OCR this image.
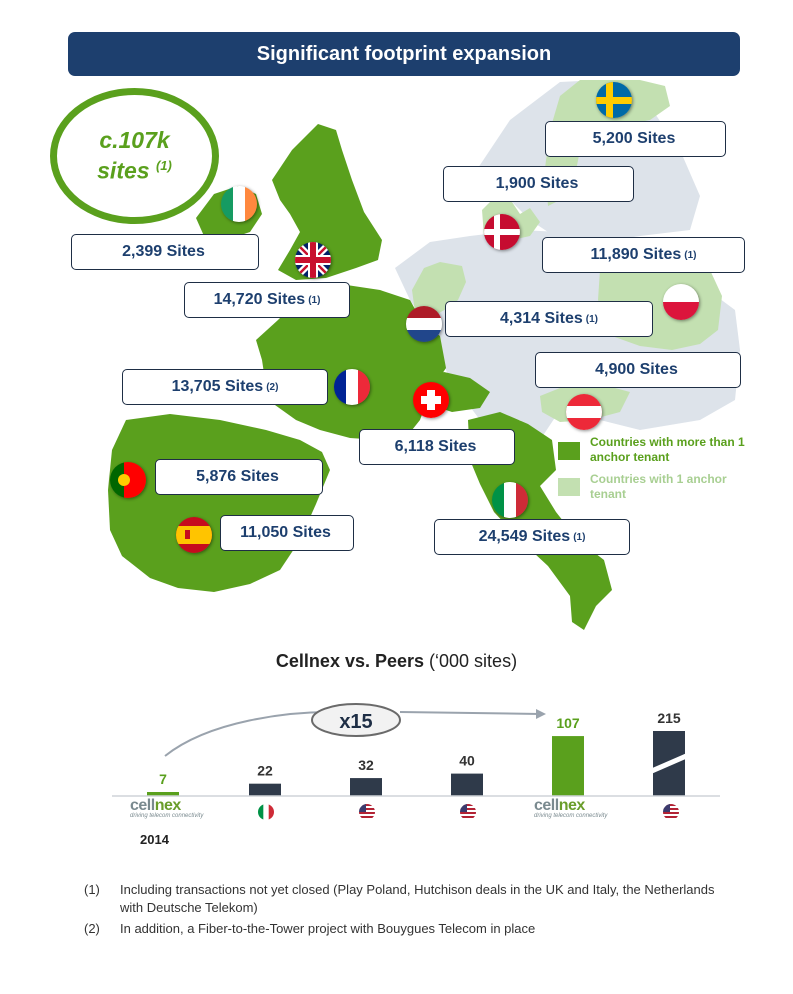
Significant footprint expansion
c.107k
sites $^{(1)}$
2,399 Sites
14,720 Sites (1)
13,705 Sites (2)
5,876 Sites
11,050 Sites
6,118 Sites
24,549 Sites (1)
4,314 Sites (1)
1,900 Sites
5,200 Sites
11,890 Sites (1)
4,900 Sites
Countries with more than 1 anchor tenant
Countries with 1 anchor tenant
Cellnex vs. Peers (‘000 sites)
7
22	32	40
107	215
x15
cellnex
driving telecom connectivity
cellnex
driving telecom connectivity
2014
(1) Including transactions not yet closed (Play Poland, Hutchison deals in the UK and Italy, the Netherlands with Deutsche Telekom)
(2) In addition, a Fiber-to-the-Tower project with Bouygues Telecom in place
